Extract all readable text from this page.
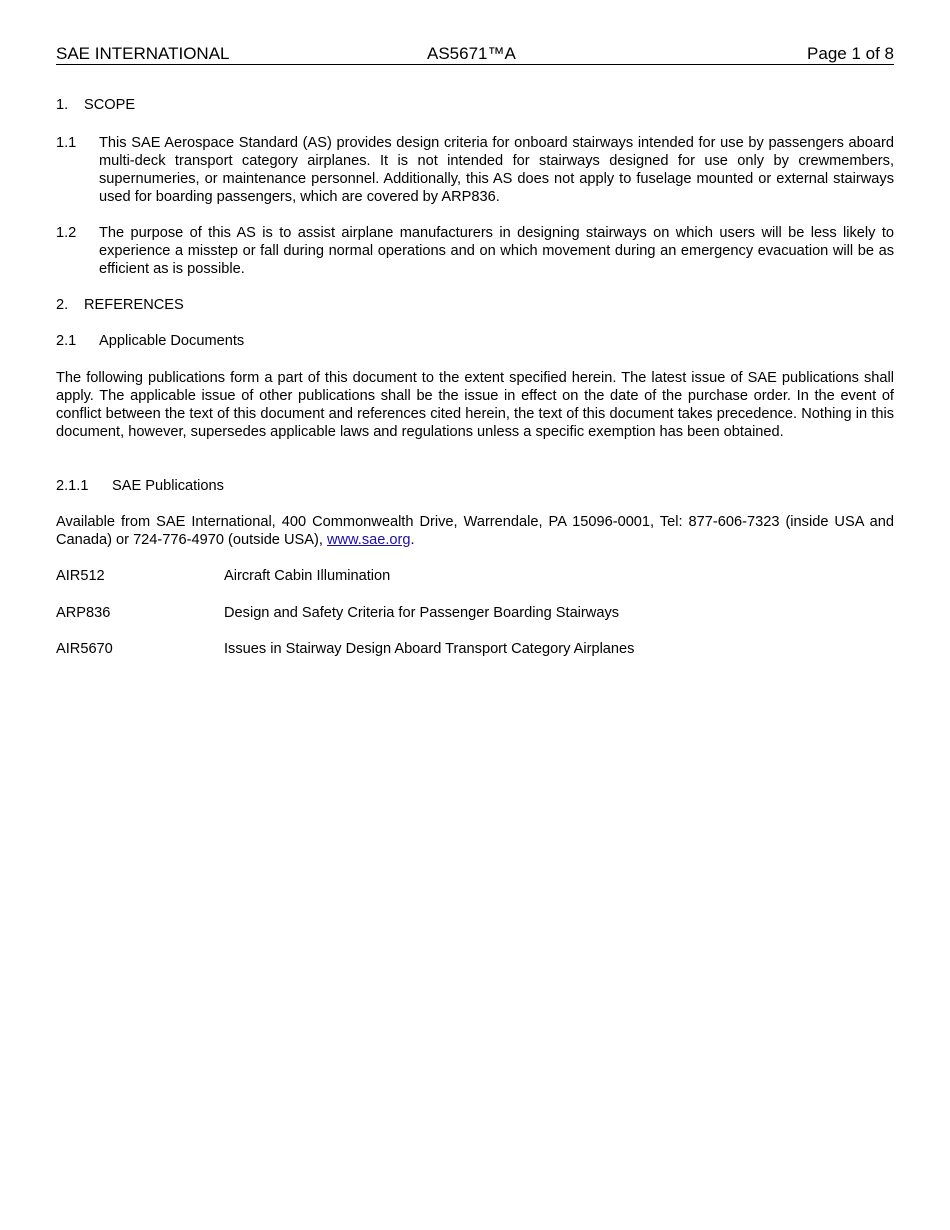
SAE INTERNATIONAL	AS5671™A	Page 1 of 8
1. SCOPE
1.1 This SAE Aerospace Standard (AS) provides design criteria for onboard stairways intended for use by passengers aboard multi-deck transport category airplanes. It is not intended for stairways designed for use only by crewmembers, supernumeries, or maintenance personnel. Additionally, this AS does not apply to fuselage mounted or external stairways used for boarding passengers, which are covered by ARP836.
1.2 The purpose of this AS is to assist airplane manufacturers in designing stairways on which users will be less likely to experience a misstep or fall during normal operations and on which movement during an emergency evacuation will be as efficient as is possible.
2. REFERENCES
2.1 Applicable Documents
The following publications form a part of this document to the extent specified herein. The latest issue of SAE publications shall apply. The applicable issue of other publications shall be the issue in effect on the date of the purchase order. In the event of conflict between the text of this document and references cited herein, the text of this document takes precedence. Nothing in this document, however, supersedes applicable laws and regulations unless a specific exemption has been obtained.
2.1.1 SAE Publications
Available from SAE International, 400 Commonwealth Drive, Warrendale, PA 15096-0001, Tel: 877-606-7323 (inside USA and Canada) or 724-776-4970 (outside USA), www.sae.org.
AIR512	Aircraft Cabin Illumination
ARP836	Design and Safety Criteria for Passenger Boarding Stairways
AIR5670	Issues in Stairway Design Aboard Transport Category Airplanes
